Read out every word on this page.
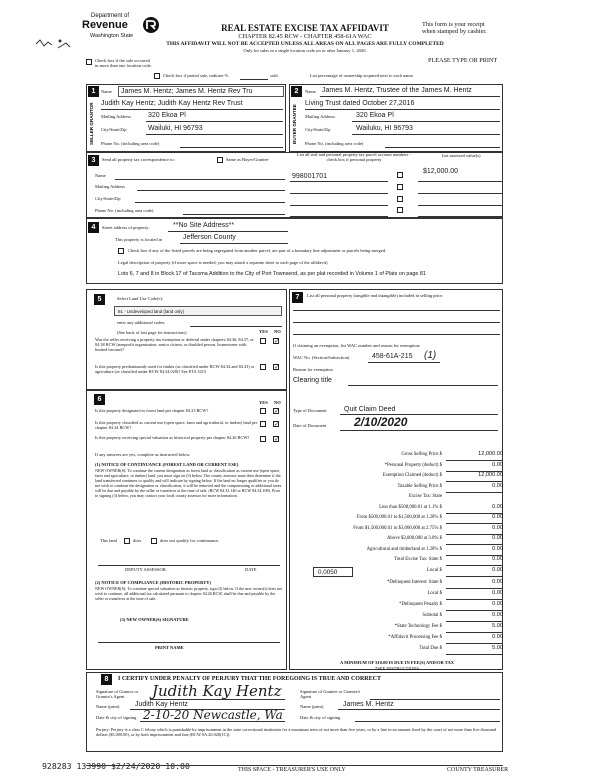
Department of
Revenue
Washington State
REAL ESTATE EXCISE TAX AFFIDAVIT
CHAPTER 82.45 RCW - CHAPTER 458-61A WAC
THIS AFFIDAVIT WILL NOT BE ACCEPTED UNLESS ALL AREAS ON ALL PAGES ARE FULLY COMPLETED
Only for sales in a single location code on or after January 1, 2020.
This form is your receipt
when stamped by cashier.
PLEASE TYPE OR PRINT
Check box if the sale occurred
in more than one location code.
Check box if partial sale, indicate %	sold.	List percentage of ownership acquired next to each name.
1	2
SELLER GRANTOR	BUYER GRANTEE
Name	James M. Hentz; James M. Hentz Rev Tru
Judith Kay Hentz; Judith Kay Hentz Rev Trust
Mailing Address 320 Ekoa Pl
City/State/Zip	Wailuki, HI 96793
Phone No. (including area code)
Name James M. Hentz, Trustee of the James M. Hentz
Living Trust dated October 27,2016
Mailing Address	320 Ekoa Pl
City/State/Zip	Wailuku, HI 96793
Phone No. (including area code)
3	Send all property tax correspondence to:	Same as Buyer/Grantee
List all real and personal property tax parcel account numbers - check box if personal property
List assessed value(s)
Name
Mailing Address
City/State/Zip
Phone No. (including area code)
998001701
$12,000.00
4	Street address of property:	**No Site Address**
This property is located in	Jefferson County
Check box if any of the listed parcels are being segregated from another parcel, are part of a boundary line adjustment or parcels being merged.
Legal description of property (if more space is needed, you may attach a separate sheet to each page of the affidavit)
Lots 6, 7 and 8 in Block 17 of Tacoma Addition to the City of Port Townsend, as per plat recorded in Volume 1 of Plats on page 81
5	Select Land Use Code(s):
91 - Undeveloped land (land only)
enter any additional codes:
(See back of last page for instructions)	YES NO
Was the seller receiving a property tax exemption or deferral under chapters 84.36, 84.37, or 84.38 RCW (nonprofit organization, senior citizen, or disabled person, homeowner with limited income)?
✓
Is this property predominantly used for timber (as classified under RCW 84.34 and 84.33) or agriculture (as classified under RCW 84.34.020)? See ETA 3215
✓
6	YES NO
Is this property designated as forest land per chapter 84.33 RCW?	✓
Is this property classified as current use (open space, farm and agricultural, or timber) land per chapter 84.34 RCW?	✓
Is this property receiving special valuation as historical property per chapter 84.26 RCW?	✓
If any answers are yes, complete as instructed below.
(1) NOTICE OF CONTINUANCE (FOREST LAND OR CURRENT USE)
NEW OWNER(S): To continue the current designation as forest land or classification as current use (open space, farm and agriculture, or timber) land, you must sign on (3) below. The county assessor must then determine if the land transferred continues to qualify and will indicate by signing below. If the land no longer qualifies or you do not wish to continue the designation or classification, it will be removed and the compensating or additional taxes will be due and payable by the seller or transferor at the time of sale. (RCW 84.33.140 or RCW 84.34.108). Prior to signing (3) below, you may contact your local county assessor for more information.
This land	does	does not qualify for continuance.
DEPUTY ASSESSOR	DATE
(2) NOTICE OF COMPLIANCE (HISTORIC PROPERTY)
NEW OWNER(S): To continue special valuation as historic property, sign (3) below. If the new owner(s) does not wish to continue, all additional tax calculated pursuant to chapter 84.26 RCW, shall be due and payable by the seller or transferor at the time of sale.
(3) NEW OWNER(S) SIGNATURE
PRINT NAME
7	List all personal property (tangible and intangible) included in selling price.
If claiming an exemption, list WAC number and reason for exemption:
WAC No. (Section/Subsection)	458-61A-215 (1)
Reason for exemption
Clearing title
Type of Document Quit Claim Deed
Date of Document 2/10/2020
Gross Selling Price $	12,000.00
*Personal Property (deduct) $	0.00
Exemption Claimed (deduct) $	12,000.00
Taxable Selling Price $	0.00
Excise Tax: State
Less than $500,000.01 at 1.1% $	0.00
From $500,000.01 to $1,500,000 at 1.28% $	0.00
From $1,500,000.01 to $3,000,000 at 2.75% $	0.00
Above $3,000,000 at 3.0% $	0.00
Agricultural and timberland at 1.28% $	0.00
Total Excise Tax: State $	0.00
0.0050	Local $	0.00
*Delinquent Interest: State $	0.00
Local $	0.00
*Delinquent Penalty $	0.00
Subtotal $	0.00
*State Technology Fee $	5.00
*Affidavit Processing Fee $	0.00
Total Due $	5.00
A MINIMUM OF $10.00 IS DUE IN FEE(S) AND/OR TAX
*SEE INSTRUCTIONS
8	I CERTIFY UNDER PENALTY OF PERJURY THAT THE FOREGOING IS TRUE AND CORRECT
Signature of Grantor or Grantor's Agent	Judith Kay Hentz	Signature of Grantee or Grantee's Agent
Name (print) Judith Kay Hentz	Name (print)	James M. Hentz
Date & city of signing 2-10-20 Newcastle, Wa	Date & city of signing
Perjury: Perjury is a class C felony which is punishable by imprisonment in the state correctional institution for a maximum term of not more than five years, or by a fine in an amount fixed by the court of not more than five thousand dollars ($5,000.00), or by both imprisonment and fine (RCW 9A.20.020(1C)).
928283 133990 $2/24/2020 10:00	THIS SPACE - TREASURER'S USE ONLY	COUNTY TREASURER
